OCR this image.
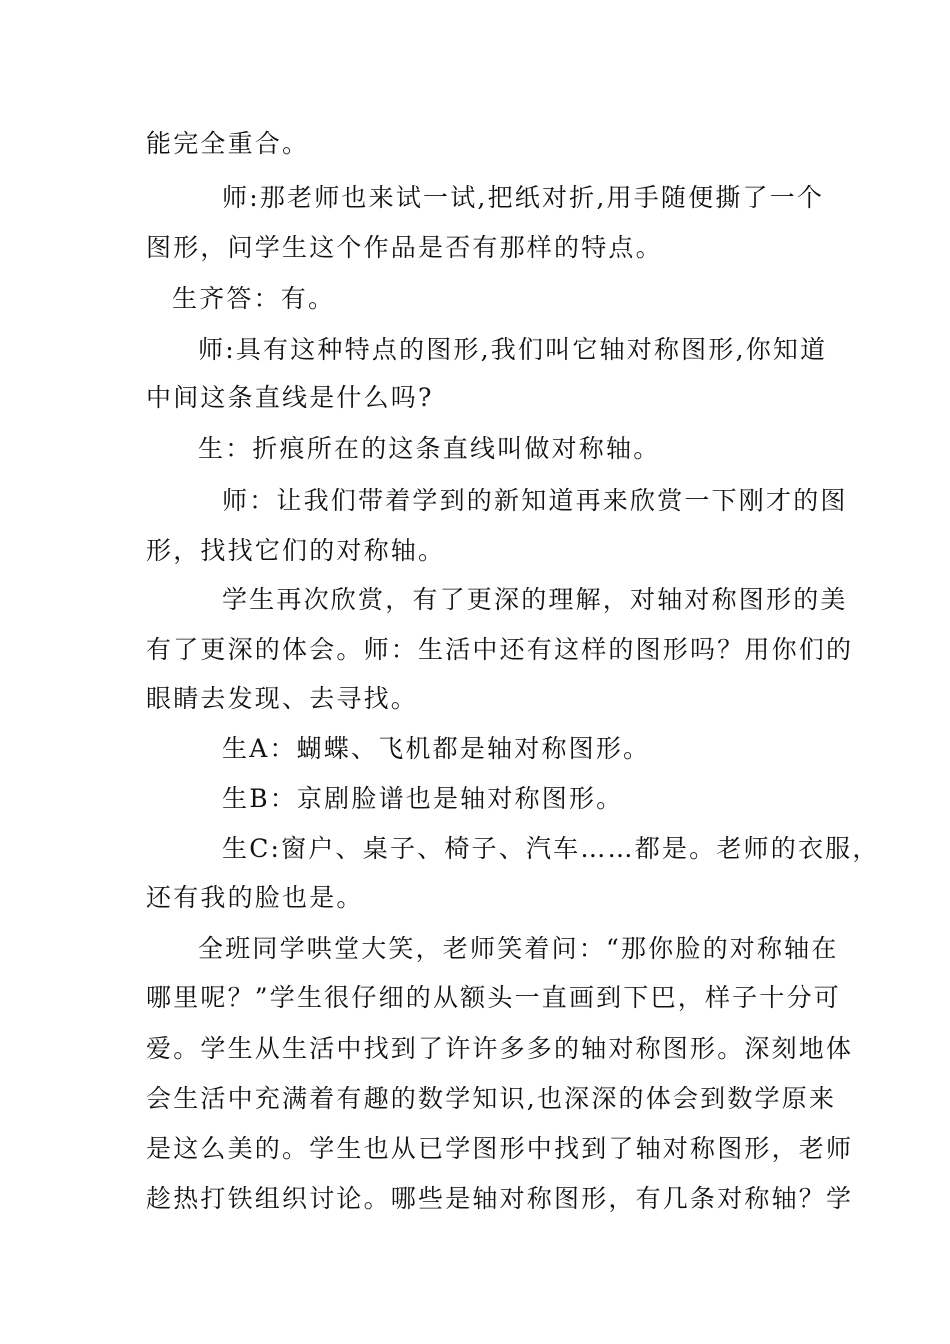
能完全重合。
师:那老师也来试一试,把纸对折,用手随便撕了一个
图形，问学生这个作品是否有那样的特点。
生齐答：有。
师:具有这种特点的图形,我们叫它轴对称图形,你知道
中间这条直线是什么吗?
生：折痕所在的这条直线叫做对称轴。
师：让我们带着学到的新知道再来欣赏一下刚才的图
形，找找它们的对称轴。
学生再次欣赏，有了更深的理解，对轴对称图形的美
有了更深的体会。师：生活中还有这样的图形吗？用你们的
眼睛去发现、去寻找。
生A：蝴蝶、飞机都是轴对称图形。
生B：京剧脸谱也是轴对称图形。
生C:窗户、桌子、椅子、汽车……都是。老师的衣服，
还有我的脸也是。
全班同学哄堂大笑，老师笑着问：“那你脸的对称轴在
哪里呢？”学生很仔细的从额头一直画到下巴，样子十分可
爱。学生从生活中找到了许许多多的轴对称图形。深刻地体
会生活中充满着有趣的数学知识,也深深的体会到数学原来
是这么美的。学生也从已学图形中找到了轴对称图形，老师
趁热打铁组织讨论。哪些是轴对称图形，有几条对称轴？学
